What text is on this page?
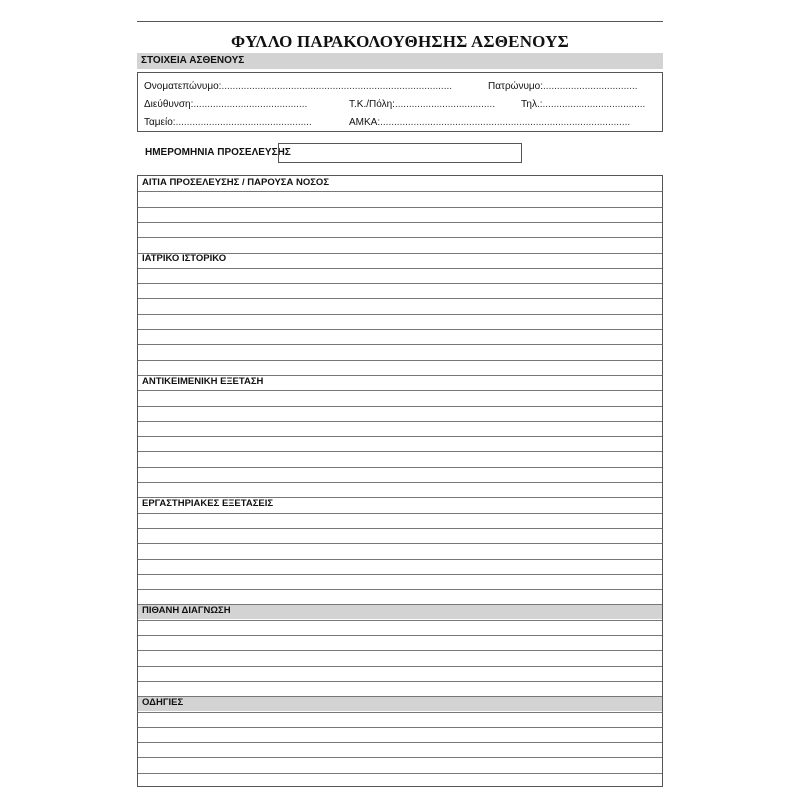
ΦΥΛΛΟ ΠΑΡΑΚΟΛΟΥΘΗΣΗΣ ΑΣΘΕΝΟΥΣ
ΣΤΟΙΧΕΙΑ ΑΣΘΕΝΟΥΣ
Ονοματεπώνυμο:...................................................................................	Πατρώνυμο:..................................
Διεύθυνση:.........................................	Τ.Κ./Πόλη:....................................	Τηλ.:.....................................
Ταμείο:.................................................	ΑΜΚΑ:..........................................................................................
ΗΜΕΡΟΜΗΝΙΑ ΠΡΟΣΕΛΕΥΣΗΣ
ΑΙΤΙΑ ΠΡΟΣΕΛΕΥΣΗΣ / ΠΑΡΟΥΣΑ ΝΟΣΟΣ
ΙΑΤΡΙΚΟ ΙΣΤΟΡΙΚΟ
ΑΝΤΙΚΕΙΜΕΝΙΚΗ ΕΞΕΤΑΣΗ
ΕΡΓΑΣΤΗΡΙΑΚΕΣ ΕΞΕΤΑΣΕΙΣ
ΠΙΘΑΝΗ ΔΙΑΓΝΩΣΗ
ΟΔΗΓΙΕΣ
